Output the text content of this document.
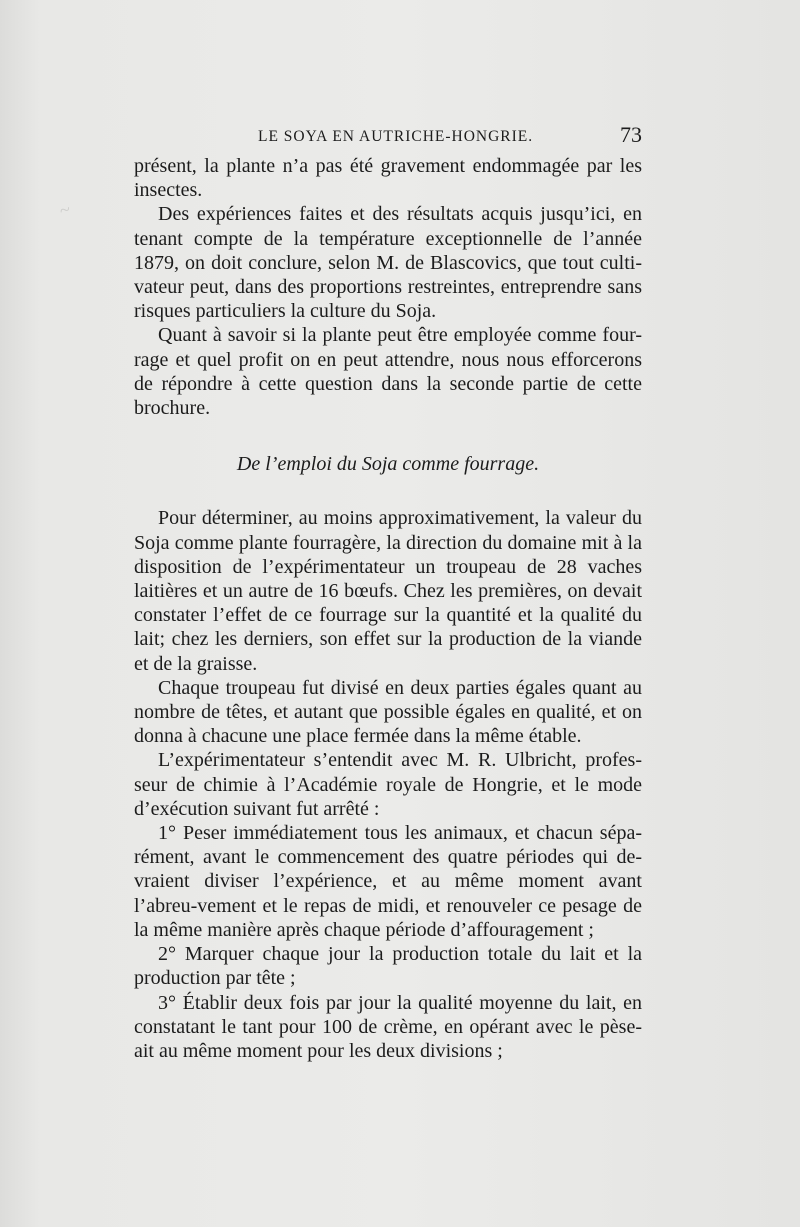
~
LE SOYA EN AUTRICHE-HONGRIE.	73

présent, la plante n’a pas été gravement endommagée par les insectes.

Des expériences faites et des résultats acquis jusqu’ici, en tenant compte de la température exceptionnelle de l’année 1879, on doit conclure, selon M. de Blascovics, que tout culti-vateur peut, dans des proportions restreintes, entreprendre sans risques particuliers la culture du Soja.

Quant à savoir si la plante peut être employée comme four-rage et quel profit on en peut attendre, nous nous efforcerons de répondre à cette question dans la seconde partie de cette brochure.

De l’emploi du Soja comme fourrage.

Pour déterminer, au moins approximativement, la valeur du Soja comme plante fourragère, la direction du domaine mit à la disposition de l’expérimentateur un troupeau de 28 vaches laitières et un autre de 16 bœufs. Chez les premières, on devait constater l’effet de ce fourrage sur la quantité et la qualité du lait; chez les derniers, son effet sur la production de la viande et de la graisse.

Chaque troupeau fut divisé en deux parties égales quant au nombre de têtes, et autant que possible égales en qualité, et on donna à chacune une place fermée dans la même étable.

L’expérimentateur s’entendit avec M. R. Ulbricht, profes-seur de chimie à l’Académie royale de Hongrie, et le mode d’exécution suivant fut arrêté :

1° Peser immédiatement tous les animaux, et chacun sépa-rément, avant le commencement des quatre périodes qui de-vraient diviser l’expérience, et au même moment avant l’abreu-vement et le repas de midi, et renouveler ce pesage de la même manière après chaque période d’affouragement ;

2° Marquer chaque jour la production totale du lait et la production par tête ;

3° Établir deux fois par jour la qualité moyenne du lait, en constatant le tant pour 100 de crème, en opérant avec le pèse-ait au même moment pour les deux divisions ;
